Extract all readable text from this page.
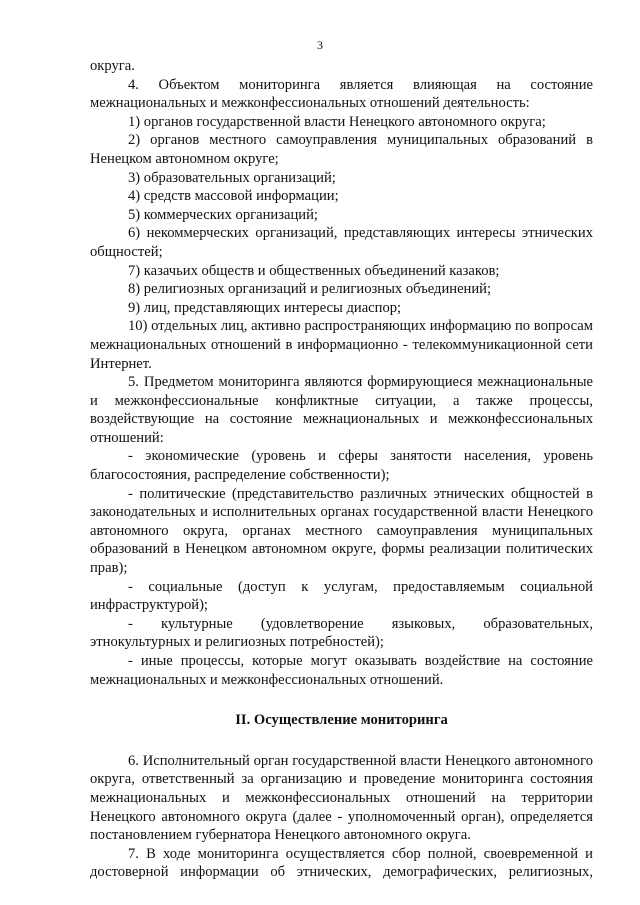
3

округа.

4. Объектом мониторинга является влияющая на состояние межнациональных и межконфессиональных отношений деятельность:

1) органов государственной власти Ненецкого автономного округа;

2) органов местного самоуправления муниципальных образований в Ненецком автономном округе;

3) образовательных организаций;

4) средств массовой информации;

5) коммерческих организаций;

6) некоммерческих организаций, представляющих интересы этнических общностей;

7) казачьих обществ и общественных объединений казаков;

8) религиозных организаций и религиозных объединений;

9) лиц, представляющих интересы диаспор;

10) отдельных лиц, активно распространяющих информацию по вопросам межнациональных отношений в информационно - телекоммуникационной сети Интернет.

5. Предметом мониторинга являются формирующиеся межнациональные и межконфессиональные конфликтные ситуации, а также процессы, воздействующие на состояние межнациональных и межконфессиональных отношений:

- экономические (уровень и сферы занятости населения, уровень благосостояния, распределение собственности);

- политические (представительство различных этнических общностей в законодательных и исполнительных органах государственной власти Ненецкого автономного округа, органах местного самоуправления муниципальных образований в Ненецком автономном округе, формы реализации политических прав);

- социальные (доступ к услугам, предоставляемым социальной инфраструктурой);

- культурные (удовлетворение языковых, образовательных, этнокультурных и религиозных потребностей);

- иные процессы, которые могут оказывать воздействие на состояние межнациональных и межконфессиональных отношений.

II. Осуществление мониторинга

6. Исполнительный орган государственной власти Ненецкого автономного округа, ответственный за организацию и проведение мониторинга состояния межнациональных и межконфессиональных отношений на территории Ненецкого автономного округа (далее - уполномоченный орган), определяется постановлением губернатора Ненецкого автономного округа.

7. В ходе мониторинга осуществляется сбор полной, своевременной и достоверной информации об этнических, демографических, религиозных,
